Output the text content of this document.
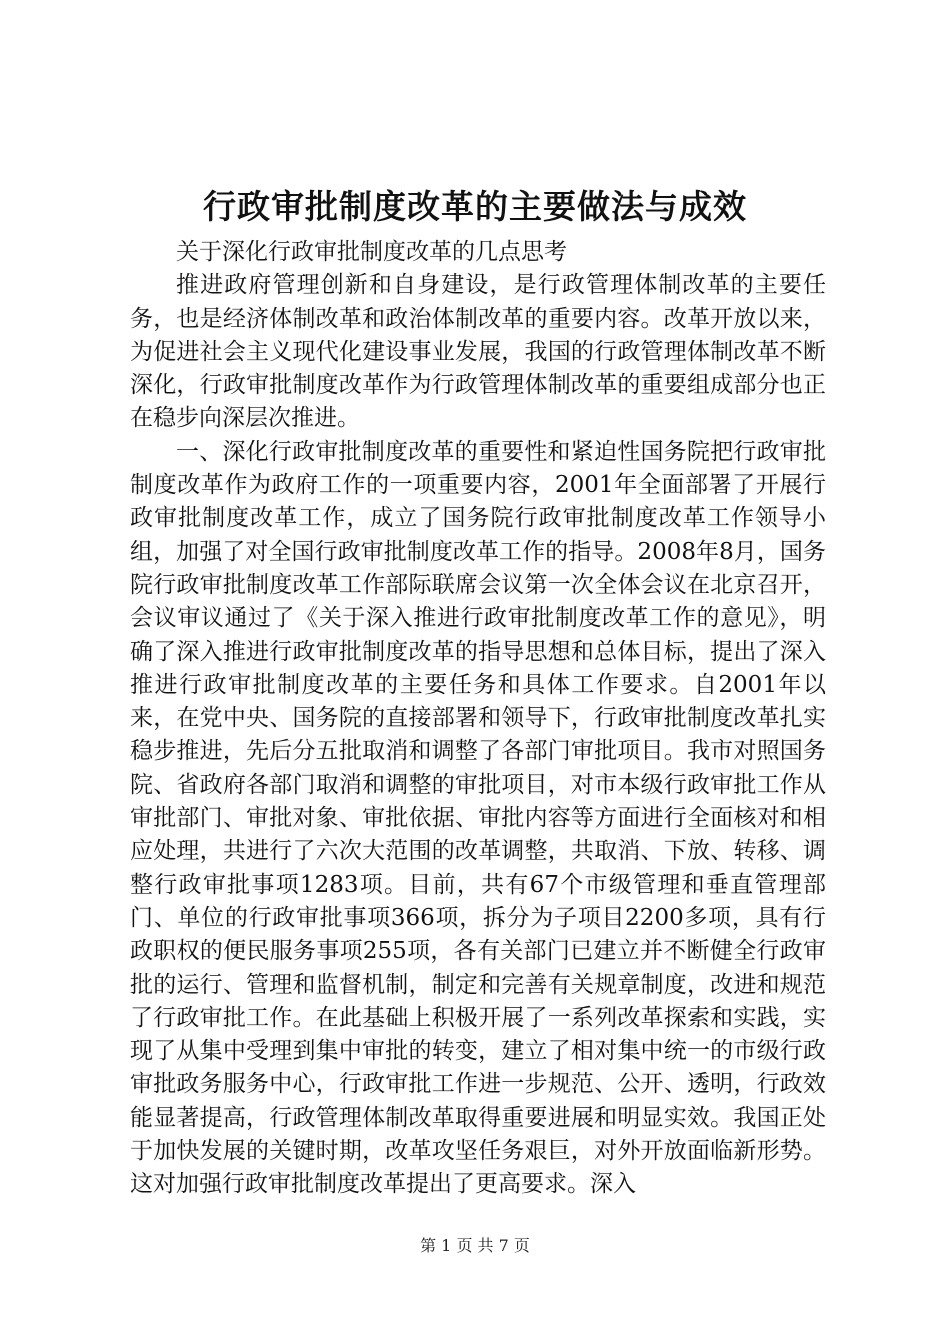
行政审批制度改革的主要做法与成效

关于深化行政审批制度改革的几点思考

推进政府管理创新和自身建设，是行政管理体制改革的主要任务，也是经济体制改革和政治体制改革的重要内容。改革开放以来，为促进社会主义现代化建设事业发展，我国的行政管理体制改革不断深化，行政审批制度改革作为行政管理体制改革的重要组成部分也正在稳步向深层次推进。

一、深化行政审批制度改革的重要性和紧迫性国务院把行政审批制度改革作为政府工作的一项重要内容，2001年全面部署了开展行政审批制度改革工作，成立了国务院行政审批制度改革工作领导小组，加强了对全国行政审批制度改革工作的指导。2008年8月，国务院行政审批制度改革工作部际联席会议第一次全体会议在北京召开，会议审议通过了《关于深入推进行政审批制度改革工作的意见》，明确了深入推进行政审批制度改革的指导思想和总体目标，提出了深入推进行政审批制度改革的主要任务和具体工作要求。自2001年以来，在党中央、国务院的直接部署和领导下，行政审批制度改革扎实稳步推进，先后分五批取消和调整了各部门审批项目。我市对照国务院、省政府各部门取消和调整的审批项目，对市本级行政审批工作从审批部门、审批对象、审批依据、审批内容等方面进行全面核对和相应处理，共进行了六次大范围的改革调整，共取消、下放、转移、调整行政审批事项1283项。目前，共有67个市级管理和垂直管理部门、单位的行政审批事项366项，拆分为子项目2200多项，具有行政职权的便民服务事项255项，各有关部门已建立并不断健全行政审批的运行、管理和监督机制，制定和完善有关规章制度，改进和规范了行政审批工作。在此基础上积极开展了一系列改革探索和实践，实现了从集中受理到集中审批的转变，建立了相对集中统一的市级行政审批政务服务中心，行政审批工作进一步规范、公开、透明，行政效能显著提高，行政管理体制改革取得重要进展和明显实效。我国正处于加快发展的关键时期，改革攻坚任务艰巨，对外开放面临新形势。这对加强行政审批制度改革提出了更高要求。深入

第 1 页 共 7 页
